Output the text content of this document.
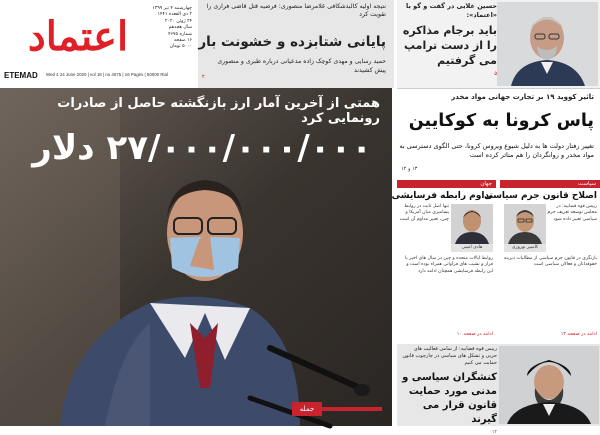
اعتماد
چهارشنبه ۴ تیر ۱۳۹۹
۲ ذی القعده ۱۴۴۱
۲۴ ژوئن ۲۰۲۰
سال هجدهم
شماره ۴۶۷۵
۱۶ صفحه
۵۰۰۰ تومان
ETEMAD Wed 4 24 June 2020 | vol 18 | no 4675 | 16 Pages | 50000 Rial
نتیجه اولیه کالبدشکافی غلامرضا منصوری: فرضیه قتل قاضی فراری را تقویت کرد
پایانی شتابزده و خشونت بار
حمید رسایی و مهدی کوچک زاده مدعیانی درباره طبری و منصوری پیش کشیدند
۲
حسین علایی در گفت و گو با «اعتماد»:
باید برجام مذاکره را از دست ترامپ می گرفتیم
۵
همتی از آخرین آمار ارز بازنگشته حاصل از صادرات رونمایی کرد
۲۷/۰۰۰/۰۰۰/۰۰۰ دلار
جمله
تاثیر کووید ۱۹ بر تجارت جهانی مواد مخدر
پاس کرونا به کوکایین
تغییر رفتار دولت ها به دلیل شیوع ویروس کرونا، حتی الگوی دسترسی به مواد مخدر و روانگردان را هم متاثر کرده است
۱۳ و ۱۲
جهان	سیاست
تداوم رابطه فرسایشی
هادی امینی
تنها اصل ثابت در روابط پسامیزی میان آمریکا و چین، تغییر مداوم آن است
روابط ایالات متحده و چین در سال های اخیر با فراز و نشیب های فراوانی همراه بوده است و این رابطه فرسایشی همچنان ادامه دارد
ادامه در صفحه ۱۰
اصلاح قانون جرم سیاسی
کامبیز نوروزی
رییس قوه قضاییه: در مجلس توسعه تعریف جرم سیاسی تغییر داده شود
بازنگری در قانون جرم سیاسی از مطالبات دیرینه حقوقدانان و فعالان سیاسی است
ادامه در صفحه ۱۴
رییس قوه قضاییه: از تمامی فعالیت های حزبی و تشکل های سیاسی در چارچوب قانون حمایت می کنیم
کنشگران سیاسی و مدنی مورد حمایت قانون قرار می گیرند
۱۴
